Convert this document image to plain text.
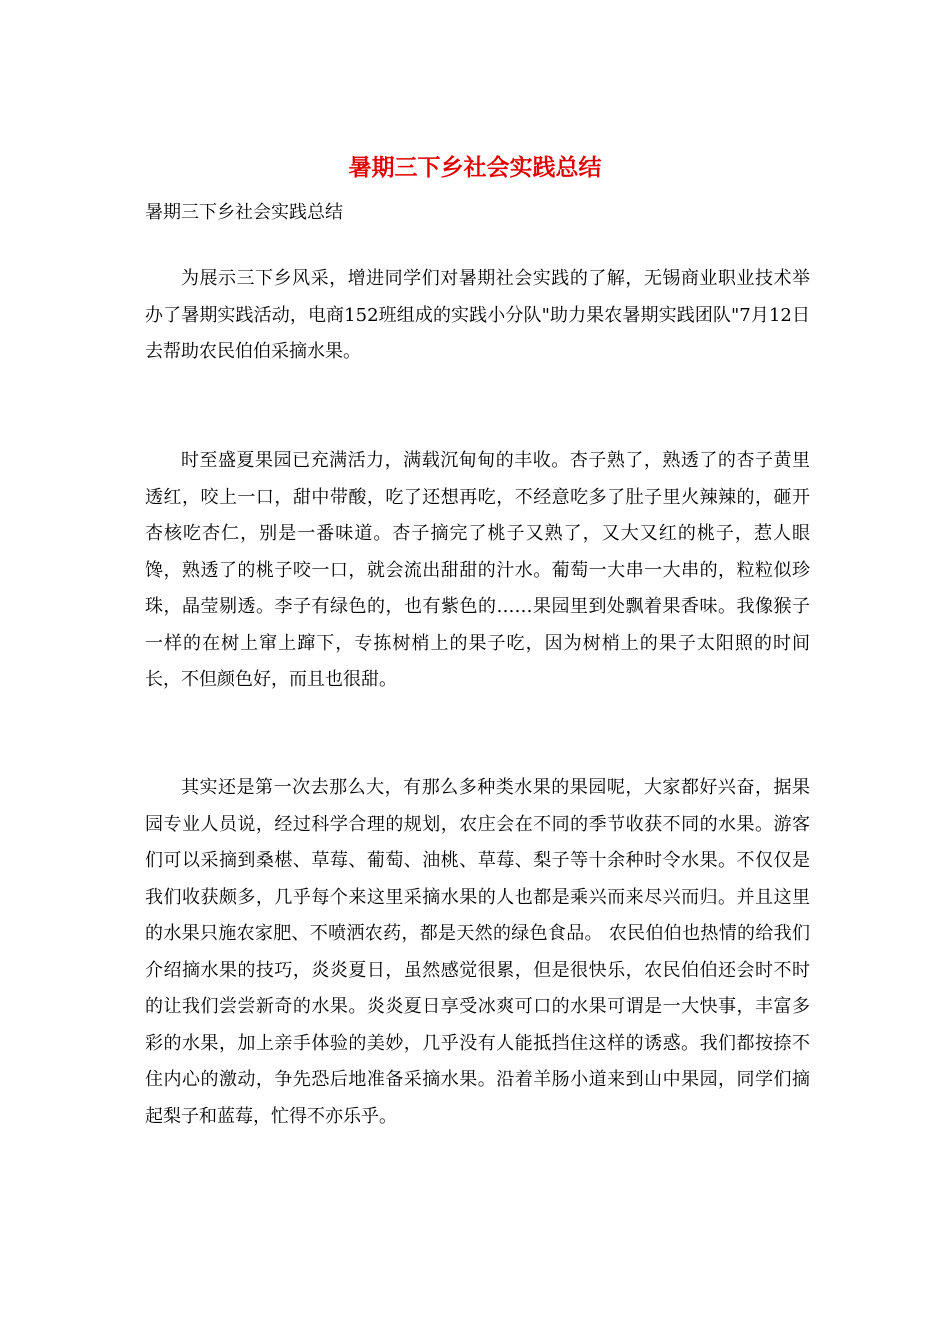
暑期三下乡社会实践总结

暑期三下乡社会实践总结

为展示三下乡风采，增进同学们对暑期社会实践的了解，无锡商业职业技术举办了暑期实践活动，电商152班组成的实践小分队"助力果农暑期实践团队"7月12日去帮助农民伯伯采摘水果。

时至盛夏果园已充满活力，满载沉甸甸的丰收。杏子熟了，熟透了的杏子黄里透红，咬上一口，甜中带酸，吃了还想再吃，不经意吃多了肚子里火辣辣的，砸开杏核吃杏仁，别是一番味道。杏子摘完了桃子又熟了，又大又红的桃子，惹人眼馋，熟透了的桃子咬一口，就会流出甜甜的汁水。葡萄一大串一大串的，粒粒似珍珠，晶莹剔透。李子有绿色的，也有紫色的……果园里到处飘着果香味。我像猴子一样的在树上窜上蹿下，专拣树梢上的果子吃，因为树梢上的果子太阳照的时间长，不但颜色好，而且也很甜。

其实还是第一次去那么大，有那么多种类水果的果园呢，大家都好兴奋，据果园专业人员说，经过科学合理的规划，农庄会在不同的季节收获不同的水果。游客们可以采摘到桑椹、草莓、葡萄、油桃、草莓、梨子等十余种时令水果。不仅仅是我们收获颇多，几乎每个来这里采摘水果的人也都是乘兴而来尽兴而归。并且这里的水果只施农家肥、不喷洒农药，都是天然的绿色食品。 农民伯伯也热情的给我们介绍摘水果的技巧，炎炎夏日，虽然感觉很累，但是很快乐，农民伯伯还会时不时的让我们尝尝新奇的水果。炎炎夏日享受冰爽可口的水果可谓是一大快事，丰富多彩的水果，加上亲手体验的美妙，几乎没有人能抵挡住这样的诱惑。我们都按捺不住内心的激动，争先恐后地准备采摘水果。沿着羊肠小道来到山中果园，同学们摘起梨子和蓝莓，忙得不亦乐乎。
